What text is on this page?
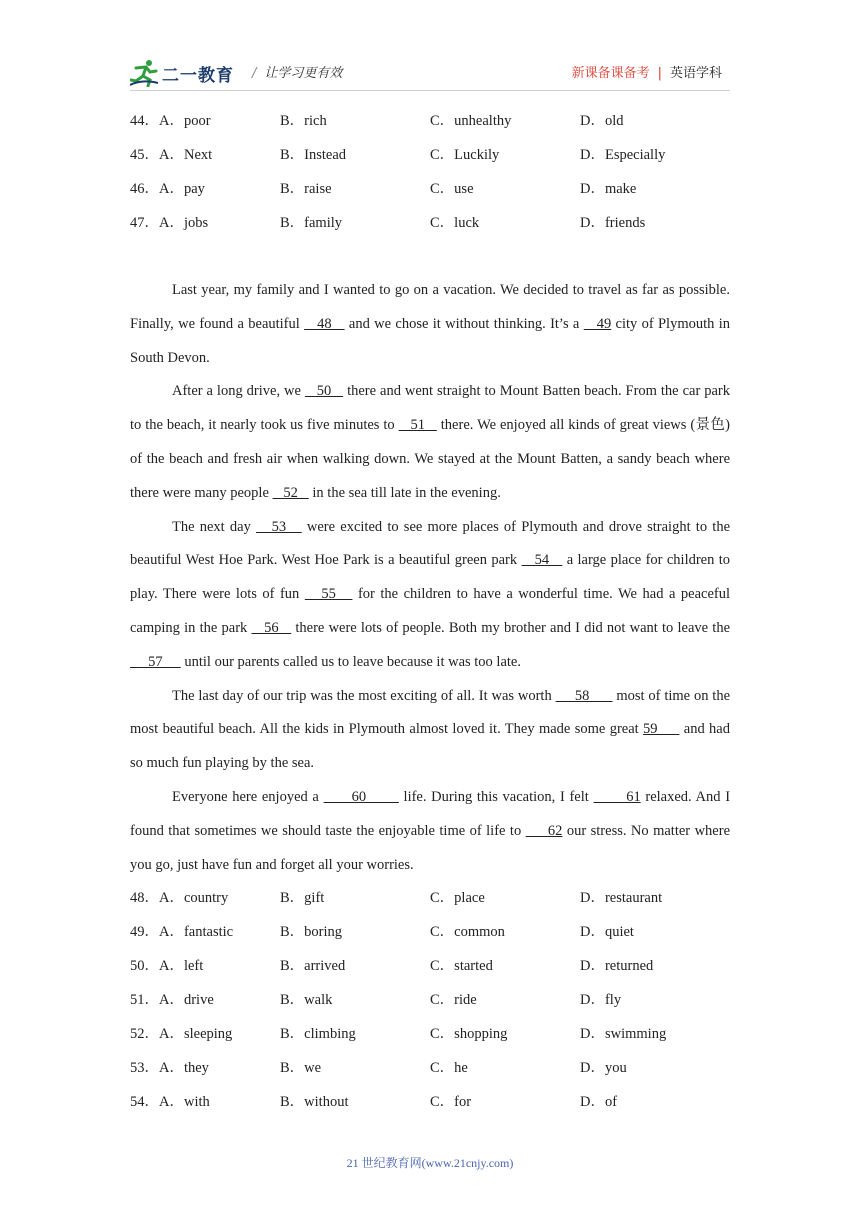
二一教育 / 让学习更有效	新课备课备考 | 英语学科
44．A．poor	B．rich	C．unhealthy	D．old
45．A．Next	B．Instead	C．Luckily	D．Especially
46．A．pay	B．raise	C．use	D．make
47．A．jobs	B．family	C．luck	D．friends

Last year, my family and I wanted to go on a vacation. We decided to travel as far as possible. Finally, we found a beautiful    48    and we chose it without thinking. It’s a    49 city of Plymouth in South Devon.

After a long drive, we    50    there and went straight to Mount Batten beach. From the car park to the beach, it nearly took us five minutes to    51    there. We enjoyed all kinds of great views (景色) of the beach and fresh air when walking down. We stayed at the Mount Batten, a sandy beach where there were many people    52    in the sea till late in the evening.

The next day    53    were excited to see more places of Plymouth and drove straight to the beautiful West Hoe Park. West Hoe Park is a beautiful green park    54    a large place for children to play. There were lots of fun    55    for the children to have a wonderful time. We had a peaceful camping in the park    56    there were lots of people. Both my brother and I did not want to leave the      57      until our parents called us to leave because it was too late.

The last day of our trip was the most exciting of all. It was worth      58       most of time on the most beautiful beach. All the kids in Plymouth almost loved it. They made some great 59      and had so much fun playing by the sea.

Everyone here enjoyed a       60        life. During this vacation, I felt        61 relaxed. And I found that sometimes we should taste the enjoyable time of life to      62 our stress. No matter where you go, just have fun and forget all your worries.

48．A．country	B．gift	C．place	D．restaurant
49．A．fantastic	B．boring	C．common	D．quiet
50．A．left	B．arrived	C．started	D．returned
51．A．drive	B．walk	C．ride	D．fly
52．A．sleeping	B．climbing	C．shopping	D．swimming
53．A．they	B．we	C．he	D．you
54．A．with	B．without	C．for	D．of
21 世纪教育网(www.21cnjy.com)
